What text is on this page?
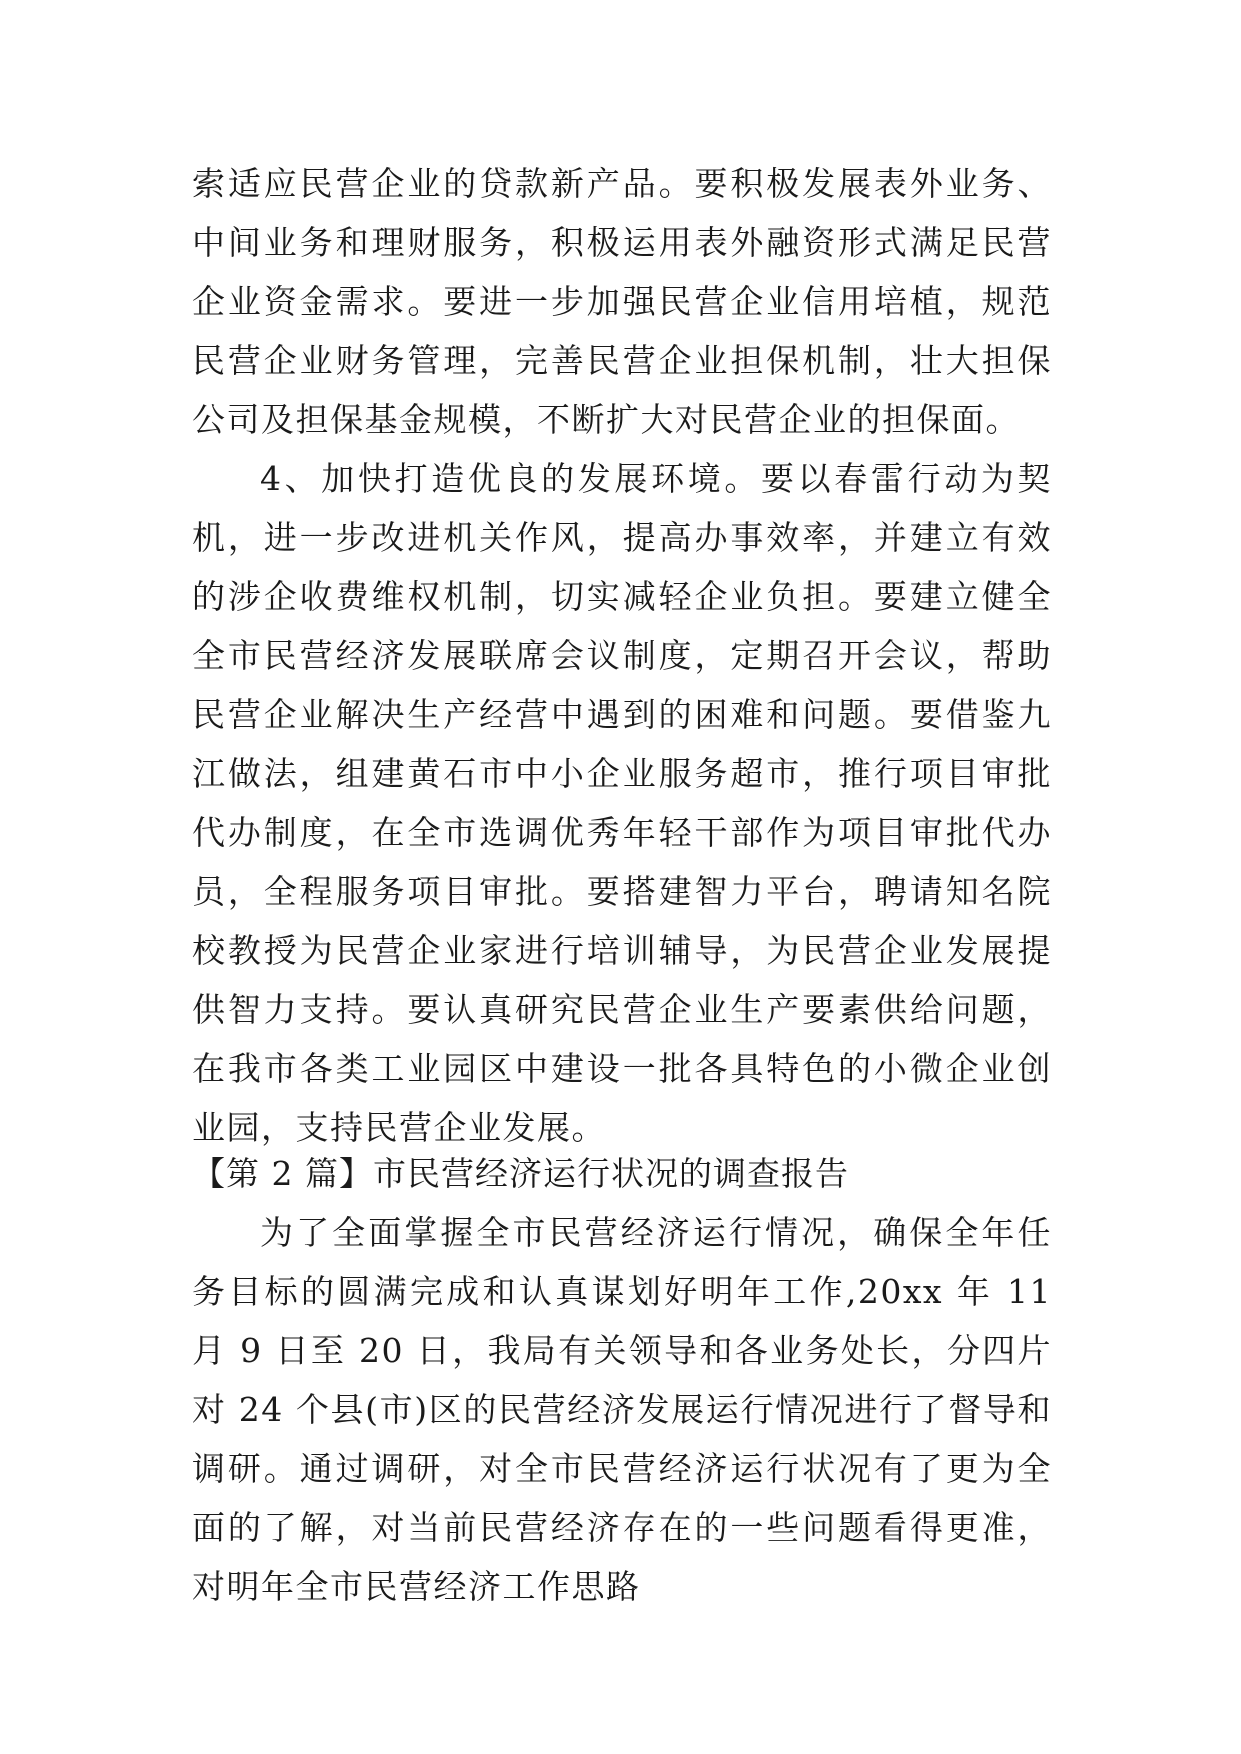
索适应民营企业的贷款新产品。要积极发展表外业务、中间业务和理财服务，积极运用表外融资形式满足民营企业资金需求。要进一步加强民营企业信用培植，规范民营企业财务管理，完善民营企业担保机制，壮大担保公司及担保基金规模，不断扩大对民营企业的担保面。

4、加快打造优良的发展环境。要以春雷行动为契机，进一步改进机关作风，提高办事效率，并建立有效的涉企收费维权机制，切实减轻企业负担。要建立健全全市民营经济发展联席会议制度，定期召开会议，帮助民营企业解决生产经营中遇到的困难和问题。要借鉴九江做法，组建黄石市中小企业服务超市，推行项目审批代办制度，在全市选调优秀年轻干部作为项目审批代办员，全程服务项目审批。要搭建智力平台，聘请知名院校教授为民营企业家进行培训辅导，为民营企业发展提供智力支持。要认真研究民营企业生产要素供给问题，在我市各类工业园区中建设一批各具特色的小微企业创业园，支持民营企业发展。

【第 2 篇】市民营经济运行状况的调查报告

为了全面掌握全市民营经济运行情况，确保全年任务目标的圆满完成和认真谋划好明年工作,20xx 年 11 月 9 日至 20 日，我局有关领导和各业务处长，分四片对 24 个县(市)区的民营经济发展运行情况进行了督导和调研。通过调研，对全市民营经济运行状况有了更为全面的了解，对当前民营经济存在的一些问题看得更准，对明年全市民营经济工作思路
